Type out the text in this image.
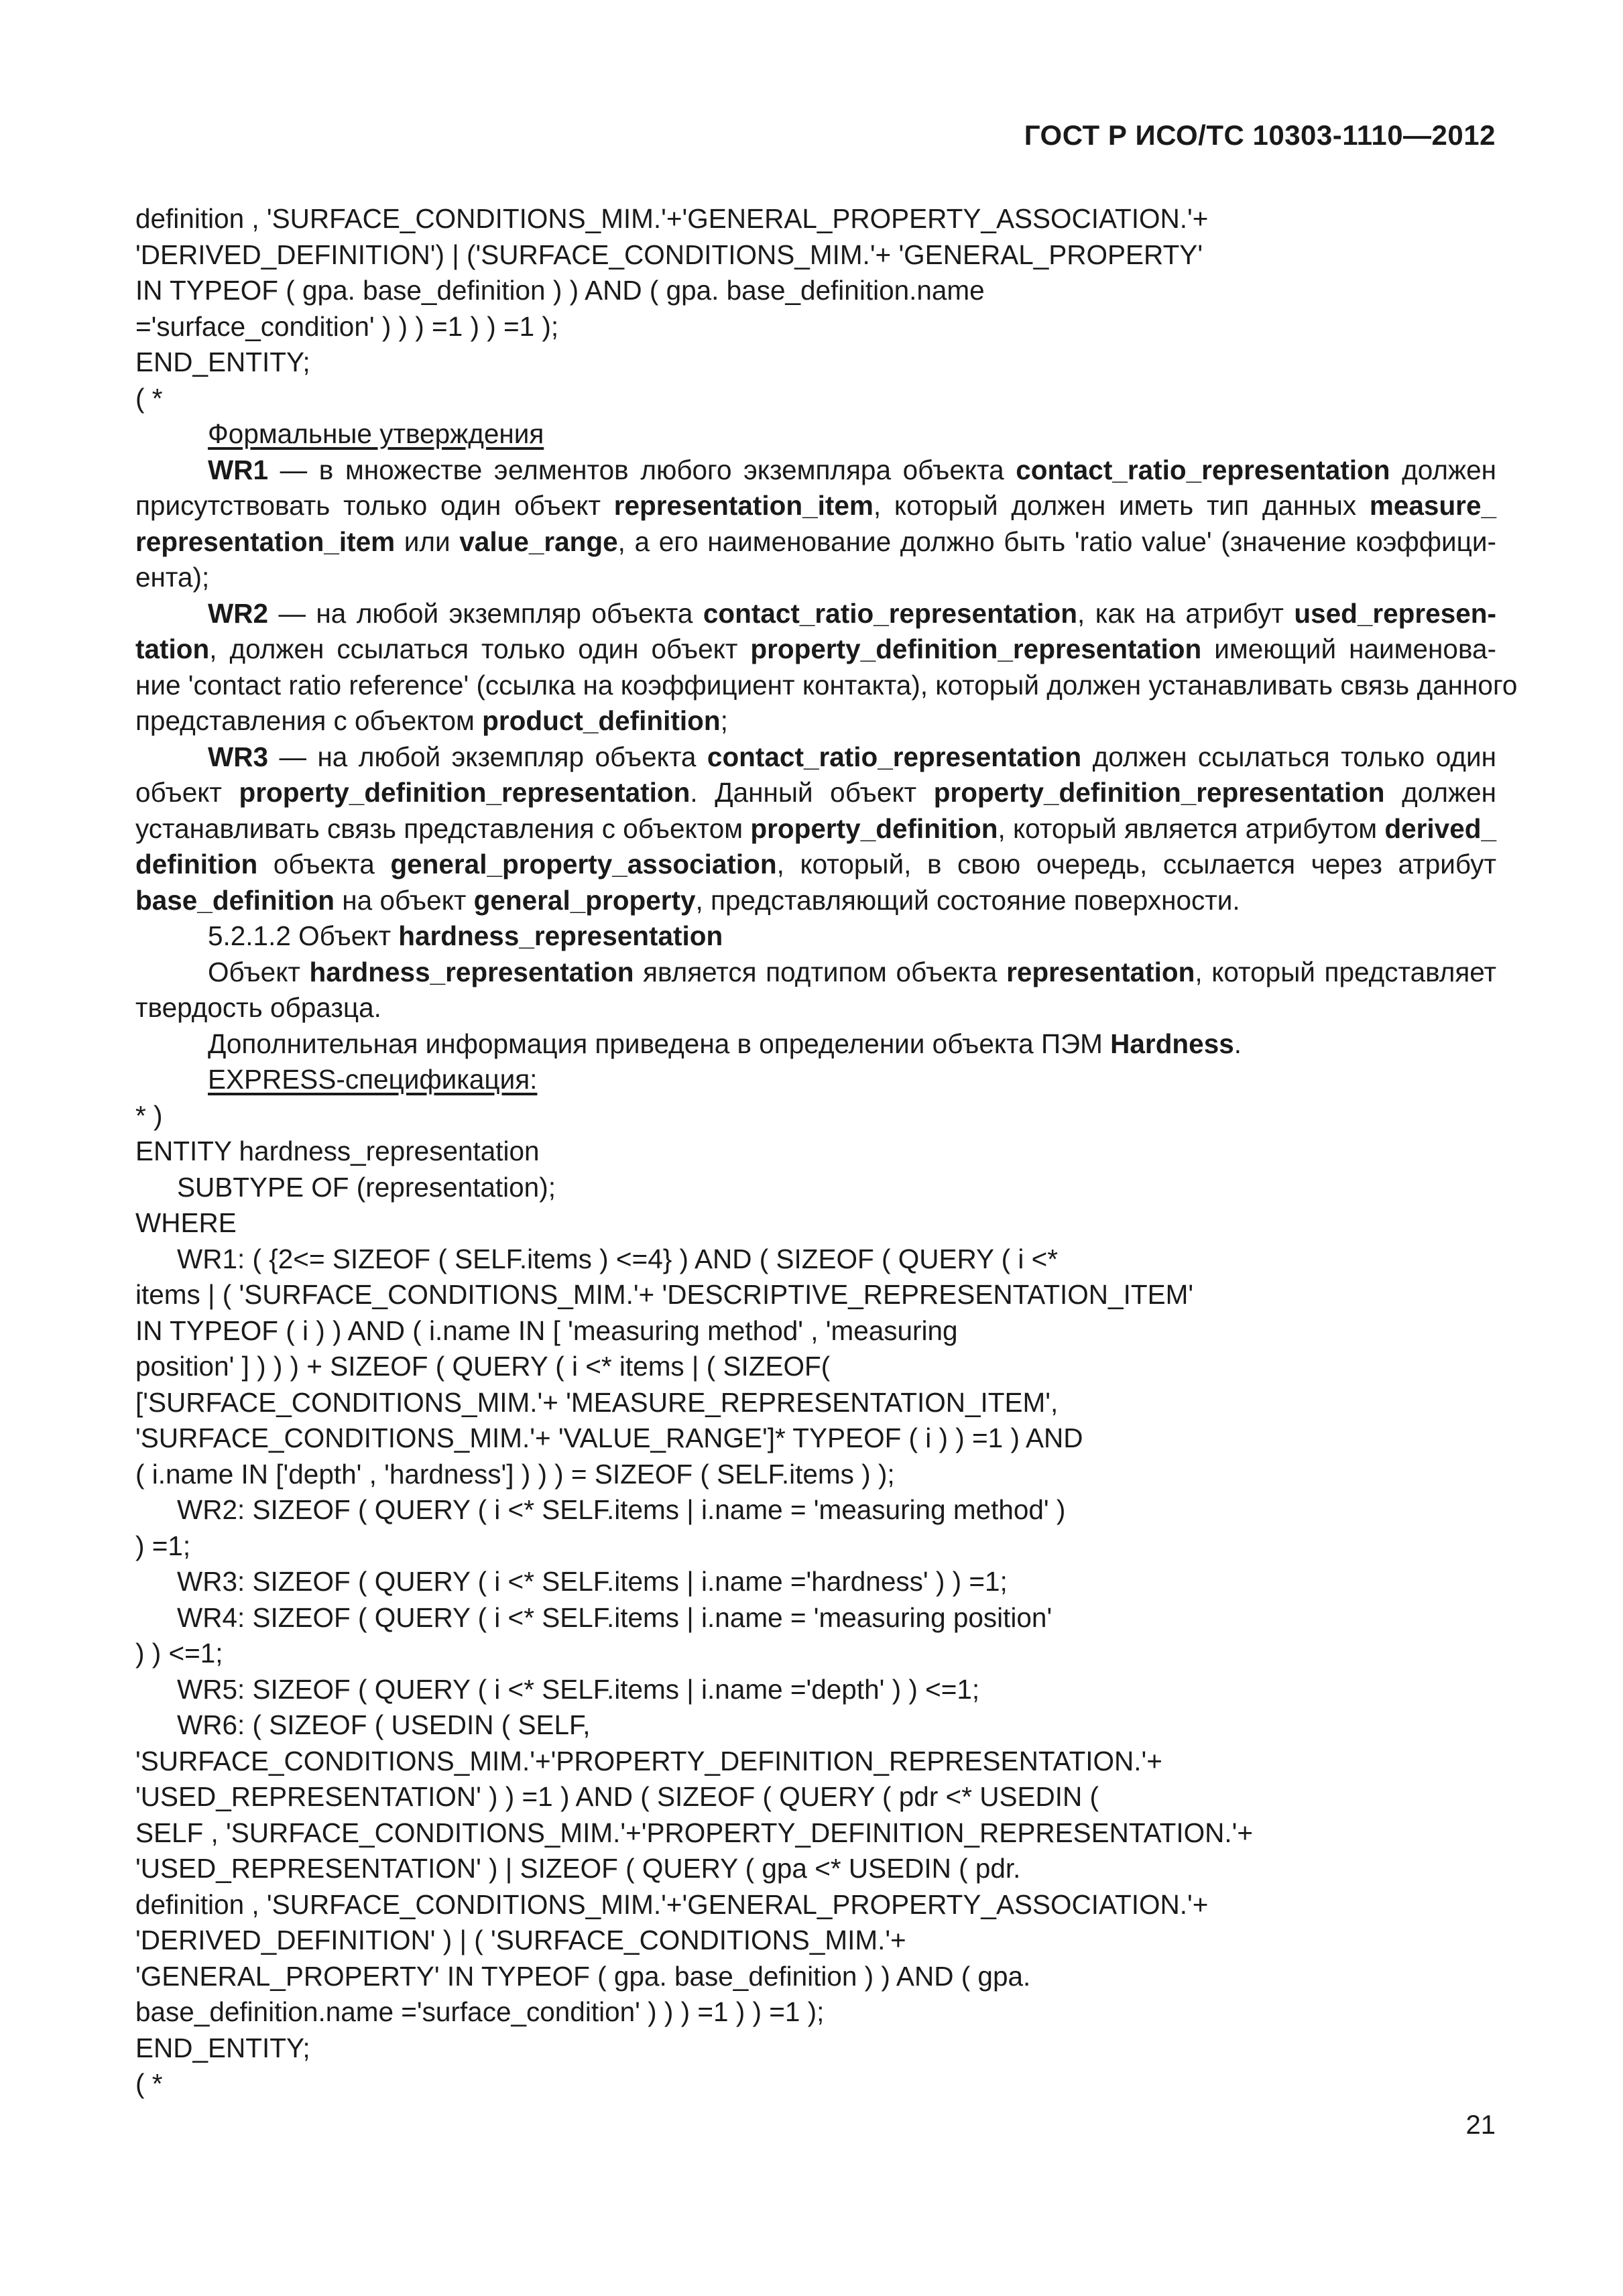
ГОСТ Р ИСО/ТС 10303-1110—2012
definition , 'SURFACE_CONDITIONS_MIM.'+'GENERAL_PROPERTY_ASSOCIATION.'+
'DERIVED_DEFINITION') | ('SURFACE_CONDITIONS_MIM.'+ 'GENERAL_PROPERTY'
IN TYPEOF ( gpa. base_definition ) ) AND ( gpa. base_definition.name
='surface_condition' ) ) ) =1 ) ) =1 );
END_ENTITY;
( *
Формальные утверждения
WR1 — в множестве эелментов любого экземпляра объекта contact_ratio_representation должен
присутствовать только один объект representation_item, который должен иметь тип данных measure_
representation_item или value_range, а его наименование должно быть 'ratio value' (значение коэффици-
ента);
WR2 — на любой экземпляр объекта contact_ratio_representation, как на атрибут used_represen-
tation, должен ссылаться только один объект property_definition_representation имеющий наименова-
ние 'contact ratio reference' (ссылка на коэффициент контакта), который должен устанавливать связь данного
представления с объектом product_definition;
WR3 — на любой экземпляр объекта contact_ratio_representation должен ссылаться только один
объект property_definition_representation. Данный объект property_definition_representation должен
устанавливать связь представления с объектом property_definition, который является атрибутом derived_
definition объекта general_property_association, который, в свою очередь, ссылается через атрибут
base_definition на объект general_property, представляющий состояние поверхности.
5.2.1.2 Объект hardness_representation
Объект hardness_representation является подтипом объекта representation, который представляет
твердость образца.
Дополнительная информация приведена в определении объекта ПЭМ Hardness.
EXPRESS-спецификация:
* )
ENTITY hardness_representation
SUBTYPE OF (representation);
WHERE
WR1: ( {2<= SIZEOF ( SELF.items ) <=4} ) AND ( SIZEOF ( QUERY ( i <*
items | ( 'SURFACE_CONDITIONS_MIM.'+ 'DESCRIPTIVE_REPRESENTATION_ITEM'
IN TYPEOF ( i ) ) AND ( i.name IN [ 'measuring method' , 'measuring
position' ] ) ) ) + SIZEOF ( QUERY ( i <* items | ( SIZEOF(
['SURFACE_CONDITIONS_MIM.'+ 'MEASURE_REPRESENTATION_ITEM',
'SURFACE_CONDITIONS_MIM.'+ 'VALUE_RANGE']* TYPEOF ( i ) ) =1 ) AND
( i.name IN ['depth' , 'hardness'] ) ) ) = SIZEOF ( SELF.items ) );
WR2: SIZEOF ( QUERY ( i <* SELF.items | i.name = 'measuring method' )
) =1;
WR3: SIZEOF ( QUERY ( i <* SELF.items | i.name ='hardness' ) ) =1;
WR4: SIZEOF ( QUERY ( i <* SELF.items | i.name = 'measuring position'
) ) <=1;
WR5: SIZEOF ( QUERY ( i <* SELF.items | i.name ='depth' ) ) <=1;
WR6: ( SIZEOF ( USEDIN ( SELF,
'SURFACE_CONDITIONS_MIM.'+'PROPERTY_DEFINITION_REPRESENTATION.'+
'USED_REPRESENTATION' ) ) =1 ) AND ( SIZEOF ( QUERY ( pdr <* USEDIN (
SELF , 'SURFACE_CONDITIONS_MIM.'+'PROPERTY_DEFINITION_REPRESENTATION.'+
'USED_REPRESENTATION' ) | SIZEOF ( QUERY ( gpa <* USEDIN ( pdr.
definition , 'SURFACE_CONDITIONS_MIM.'+'GENERAL_PROPERTY_ASSOCIATION.'+
'DERIVED_DEFINITION' ) | ( 'SURFACE_CONDITIONS_MIM.'+
'GENERAL_PROPERTY' IN TYPEOF ( gpa. base_definition ) ) AND ( gpa.
base_definition.name ='surface_condition' ) ) ) =1 ) ) =1 );
END_ENTITY;
( *
21
